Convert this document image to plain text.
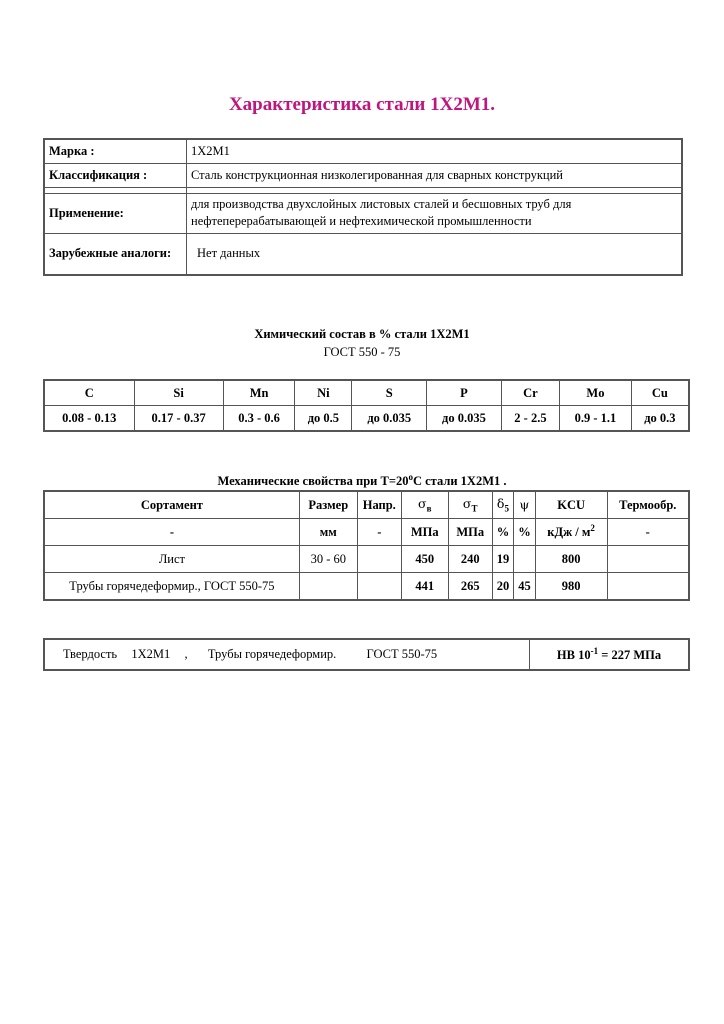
Характеристика стали 1Х2М1.
Марка :	1Х2М1
Классификация :	Сталь конструкционная низколегированная для сварных конструкций

Применение:	для производства двухслойных листовых сталей и бесшовных труб для нефтеперерабатывающей и нефтехимической промышленности
Зарубежные аналоги:	Нет данных
Химический состав в % стали 1Х2М1
ГОСТ 550 - 75
C	Si	Mn	Ni	S	P	Cr	Mo	Cu
0.08 - 0.13	0.17 - 0.37	0.3 - 0.6	до 0.5	до 0.035	до 0.035	2 - 2.5	0.9 - 1.1	до 0.3
Механические свойства при $Т=20^oС$ стали 1Х2М1 .
Сортамент	Размер	Напр.	$\sigma_в$	$\sigma_T$	$\delta_5$	ψ	KCU	Термообр.
-	мм	-	МПа	МПа	%	%	кДж / $м^2$	-
Лист	30 - 60		450	240	19		800	
Трубы горячедеформир., ГОСТ 550-75			441	265	20	45	980	
Твердость 1Х2М1 , Трубы горячедеформир. ГОСТ 550-75	HB $10^{-1} = 227$ МПа
